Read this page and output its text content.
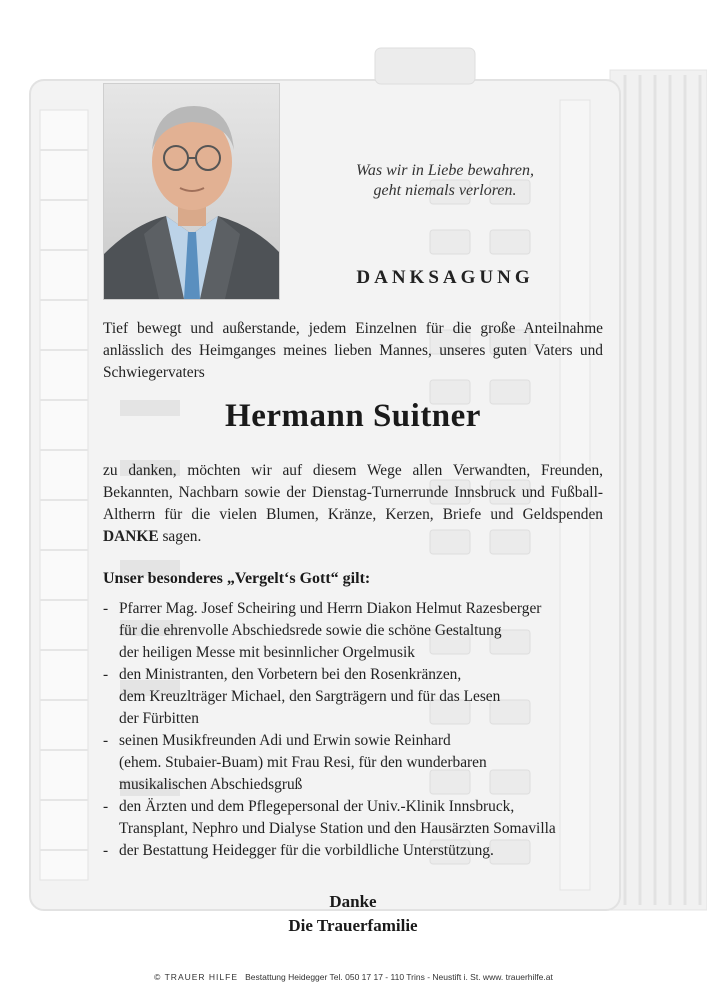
Was wir in Liebe bewahren,
geht niemals verloren.
DANKSAGUNG
Tief bewegt und außerstande, jedem Einzelnen für die große Anteilnahme anlässlich des Heimganges meines lieben Mannes, unseres guten Vaters und Schwiegervaters
Hermann Suitner
zu danken, möchten wir auf diesem Wege allen Verwandten, Freunden, Bekannten, Nachbarn sowie der Dienstag-Turnerrunde Innsbruck und Fußball-Altherrn für die vielen Blumen, Kränze, Kerzen, Briefe und Geldspenden DANKE sagen.
Unser besonderes „Vergelt‘s Gott“ gilt:
- Pfarrer Mag. Josef Scheiring und Herrn Diakon Helmut Razesberger
für die ehrenvolle Abschiedsrede sowie die schöne Gestaltung
der heiligen Messe mit besinnlicher Orgelmusik
- den Ministranten, den Vorbetern bei den Rosenkränzen,
dem Kreuzlträger Michael, den Sargträgern und für das Lesen
der Fürbitten
- seinen Musikfreunden Adi und Erwin sowie Reinhard
(ehem. Stubaier-Buam) mit Frau Resi, für den wunderbaren
musikalischen Abschiedsgruß
- den Ärzten und dem Pflegepersonal der Univ.-Klinik Innsbruck,
Transplant, Nephro und Dialyse Station und den Hausärzten Somavilla
- der Bestattung Heidegger für die vorbildliche Unterstützung.
Danke
Die Trauerfamilie
© TRAUER HILFE Bestattung Heidegger Tel. 050 17 17 - 110 Trins - Neustift i. St. www. trauerhilfe.at
